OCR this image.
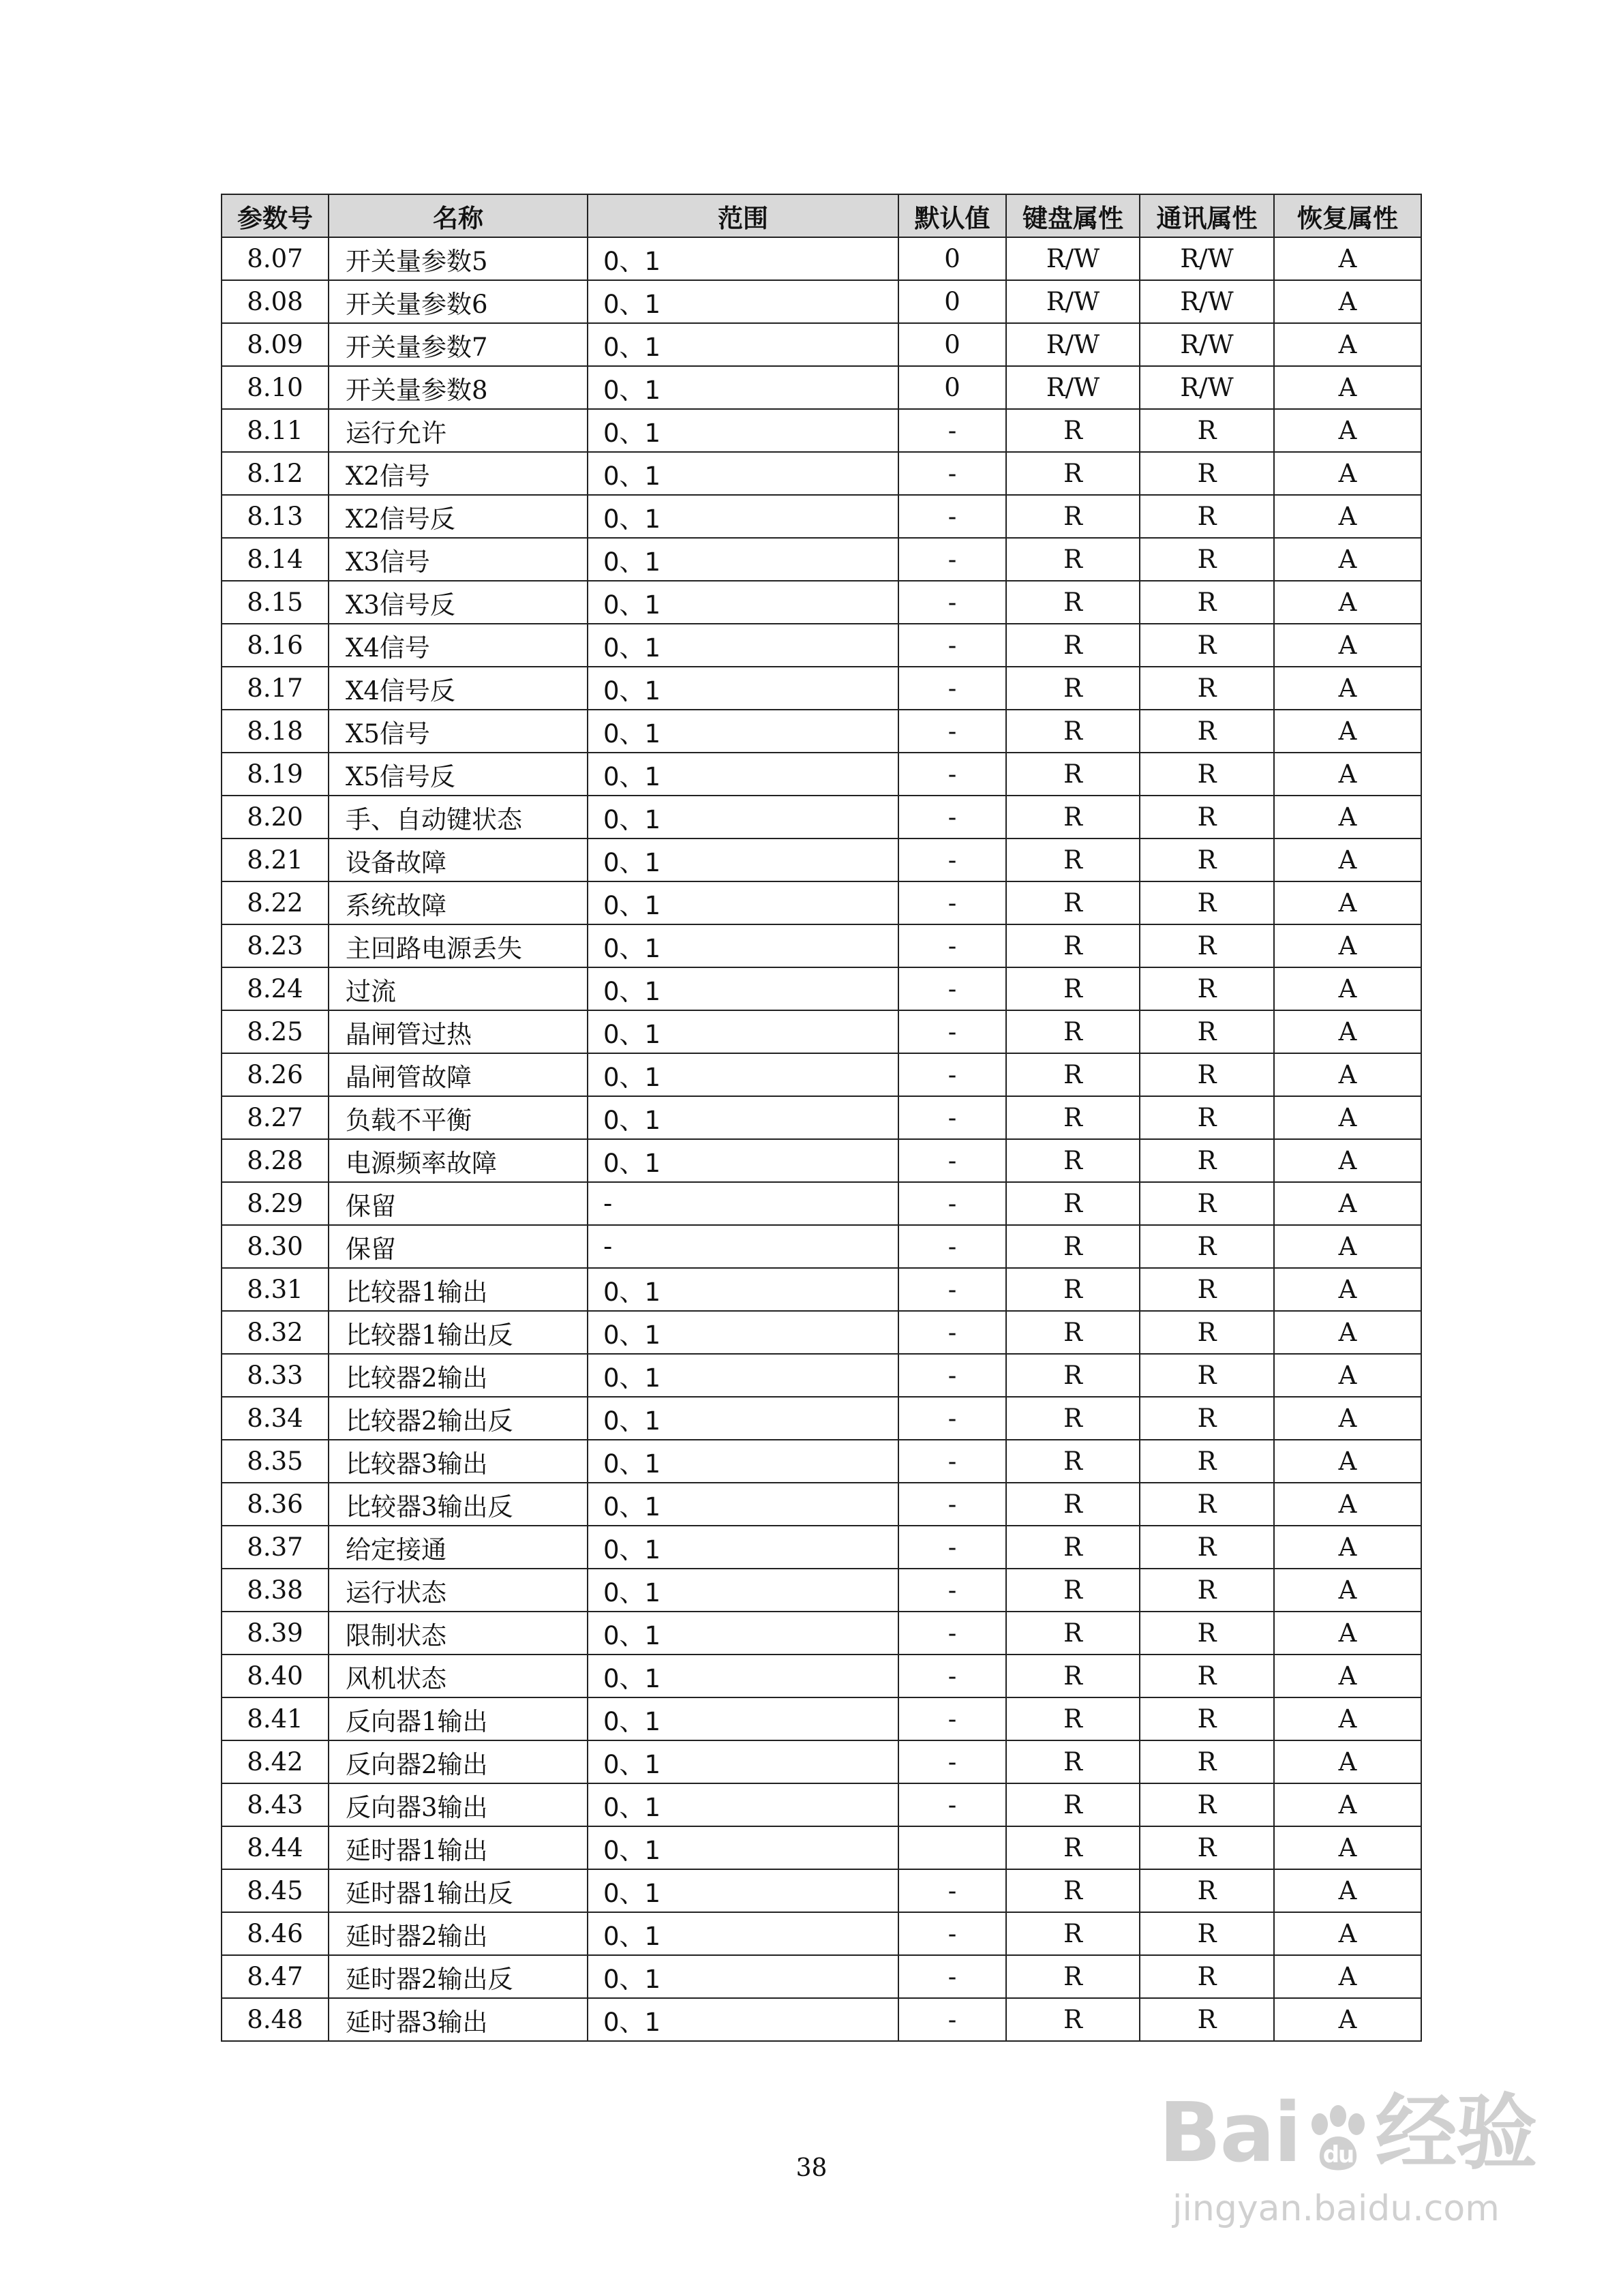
参数号	名称	范围	默认值	键盘属性	通讯属性	恢复属性
8.07	开关量参数5	0、1	0	R/W	R/W	A
8.08	开关量参数6	0、1	0	R/W	R/W	A
8.09	开关量参数7	0、1	0	R/W	R/W	A
8.10	开关量参数8	0、1	0	R/W	R/W	A
8.11	运行允许	0、1	-	R	R	A
8.12	X2信号	0、1	-	R	R	A
8.13	X2信号反	0、1	-	R	R	A
8.14	X3信号	0、1	-	R	R	A
8.15	X3信号反	0、1	-	R	R	A
8.16	X4信号	0、1	-	R	R	A
8.17	X4信号反	0、1	-	R	R	A
8.18	X5信号	0、1	-	R	R	A
8.19	X5信号反	0、1	-	R	R	A
8.20	手、自动键状态	0、1	-	R	R	A
8.21	设备故障	0、1	-	R	R	A
8.22	系统故障	0、1	-	R	R	A
8.23	主回路电源丢失	0、1	-	R	R	A
8.24	过流	0、1	-	R	R	A
8.25	晶闸管过热	0、1	-	R	R	A
8.26	晶闸管故障	0、1	-	R	R	A
8.27	负载不平衡	0、1	-	R	R	A
8.28	电源频率故障	0、1	-	R	R	A
8.29	保留	-	-	R	R	A
8.30	保留	-	-	R	R	A
8.31	比较器1输出	0、1	-	R	R	A
8.32	比较器1输出反	0、1	-	R	R	A
8.33	比较器2输出	0、1	-	R	R	A
8.34	比较器2输出反	0、1	-	R	R	A
8.35	比较器3输出	0、1	-	R	R	A
8.36	比较器3输出反	0、1	-	R	R	A
8.37	给定接通	0、1	-	R	R	A
8.38	运行状态	0、1	-	R	R	A
8.39	限制状态	0、1	-	R	R	A
8.40	风机状态	0、1	-	R	R	A
8.41	反向器1输出	0、1	-	R	R	A
8.42	反向器2输出	0、1	-	R	R	A
8.43	反向器3输出	0、1	-	R	R	A
8.44	延时器1输出	0、1		R	R	A
8.45	延时器1输出反	0、1	-	R	R	A
8.46	延时器2输出	0、1	-	R	R	A
8.47	延时器2输出反	0、1	-	R	R	A
8.48	延时器3输出	0、1	-	R	R	A
38	Bai du 经验
jingyan.baidu.com
